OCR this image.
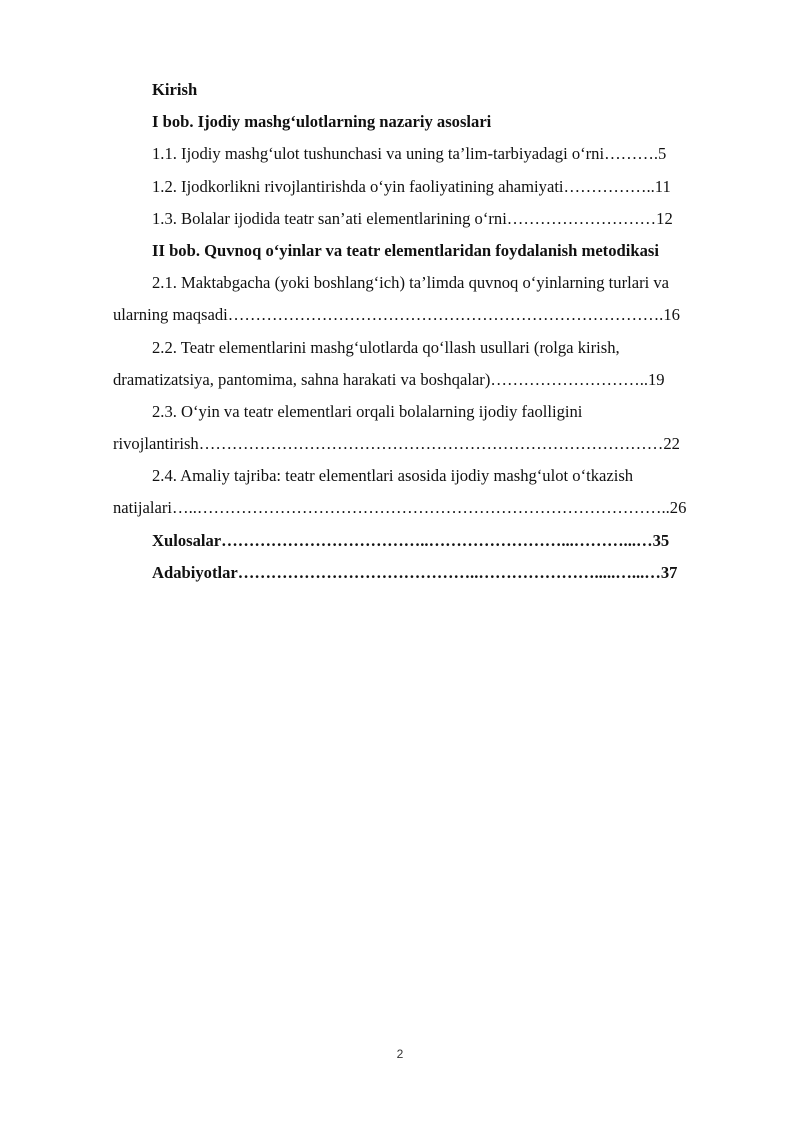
Kirish
I bob. Ijodiy mashg‘ulotlarning nazariy asoslari
1.1. Ijodiy mashg‘ulot tushunchasi va uning ta’lim-tarbiyadagi o‘rni……….5
1.2. Ijodkorlikni rivojlantirishda o‘yin faoliyatining ahamiyati……………..11
1.3. Bolalar ijodida teatr san’ati elementlarining o‘rni………………………12
II bob. Quvnoq o‘yinlar va teatr elementlaridan foydalanish metodikasi
2.1. Maktabgacha (yoki boshlang‘ich) ta’limda quvnoq o‘yinlarning turlari va
ularning maqsadi…………………………………………………………………….16
2.2. Teatr elementlarini mashg‘ulotlarda qo‘llash usullari (rolga kirish,
dramatizatsiya, pantomima, sahna harakati va boshqalar)………………………..19
2.3. O‘yin va teatr elementlari orqali bolalarning ijodiy faolligini
rivojlantirish…………………………………………………………………………22
2.4. Amaliy tajriba: teatr elementlari asosida ijodiy mashg‘ulot o‘tkazish
natijalari…..…………………………………………………………………………..26
Xulosalar………………………………..……………………...………...…35
Adabiyotlar……………………………………..………………….....…...…37
2
